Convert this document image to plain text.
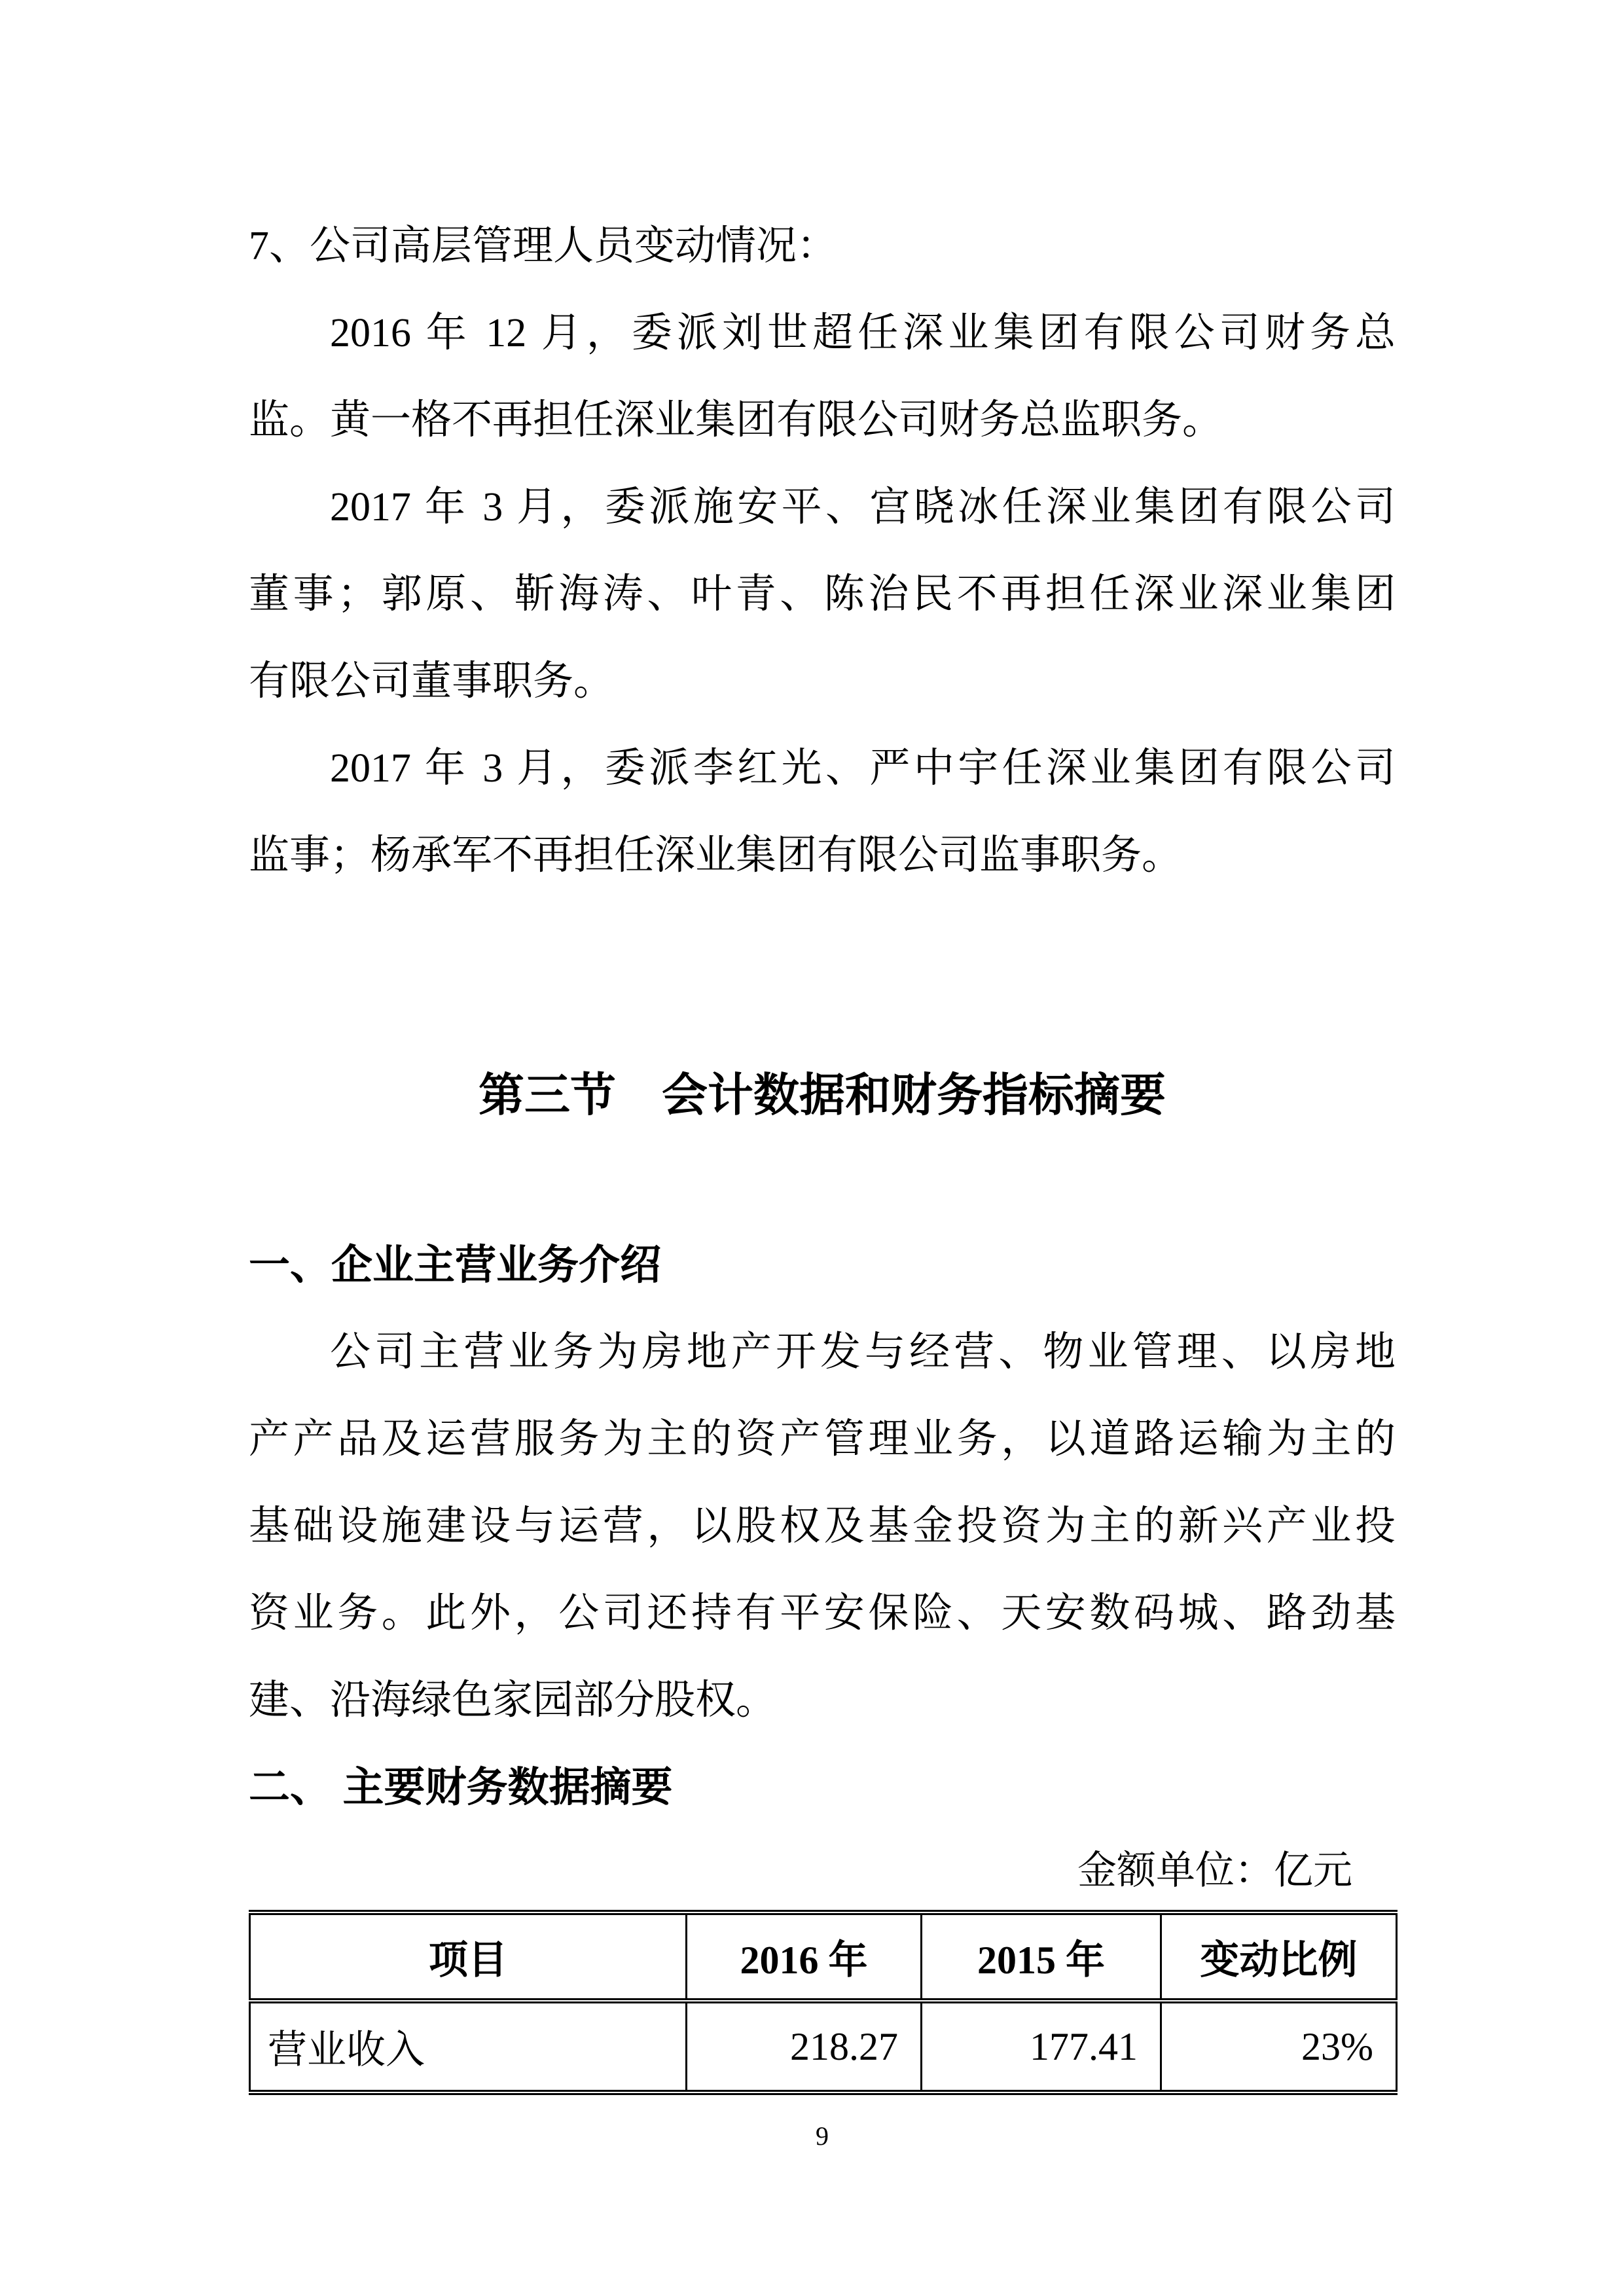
7、公司高层管理人员变动情况：
2016 年 12 月，委派刘世超任深业集团有限公司财务总
监。黄一格不再担任深业集团有限公司财务总监职务。
2017 年 3 月，委派施安平、宫晓冰任深业集团有限公司
董事；郭原、靳海涛、叶青、陈治民不再担任深业深业集团
有限公司董事职务。
2017 年 3 月，委派李红光、严中宇任深业集团有限公司
监事；杨承军不再担任深业集团有限公司监事职务。
第三节　会计数据和财务指标摘要
一、企业主营业务介绍
公司主营业务为房地产开发与经营、物业管理、以房地
产产品及运营服务为主的资产管理业务，以道路运输为主的
基础设施建设与运营，以股权及基金投资为主的新兴产业投
资业务。此外，公司还持有平安保险、天安数码城、路劲基
建、沿海绿色家园部分股权。
二、 主要财务数据摘要
金额单位：亿元
项目	2016 年	2015 年	变动比例
营业收入	218.27	177.41	23%
9
